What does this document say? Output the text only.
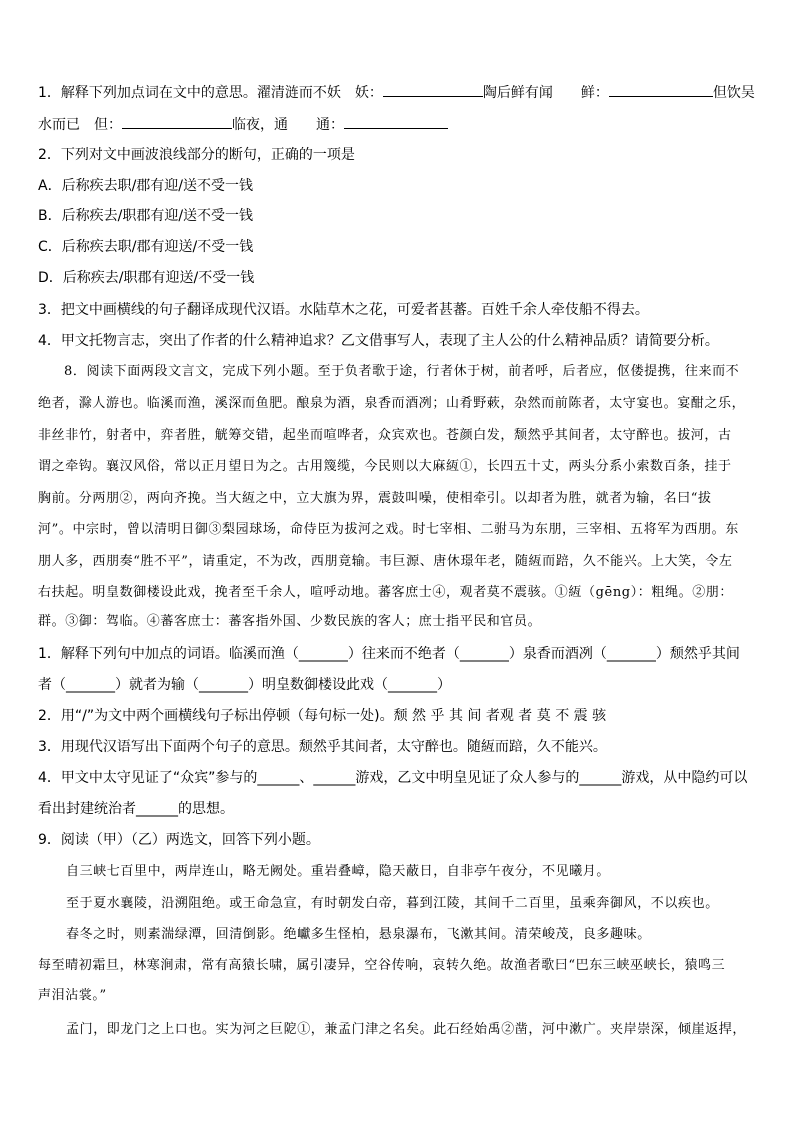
1．解释下列加点词在文中的意思。濯清涟而不妖　妖：	陶后鲜有闻　　鲜：	但饮吴
水而已　但：	临夜，通　　通：
2．下列对文中画波浪线部分的断句，正确的一项是
A．后称疾去职/郡有迎/送不受一钱
B．后称疾去/职郡有迎/送不受一钱
C．后称疾去职/郡有迎送/不受一钱
D．后称疾去/职郡有迎送/不受一钱
3．把文中画横线的句子翻译成现代汉语。水陆草木之花，可爱者甚蕃。百姓千余人牵伎船不得去。
4．甲文托物言志，突出了作者的什么精神追求？乙文借事写人，表现了主人公的什么精神品质？请简要分析。
8．阅读下面两段文言文，完成下列小题。至于负者歌于途，行者休于树，前者呼，后者应，伛偻提携，往来而不
绝者，滁人游也。临溪而渔，溪深而鱼肥。酿泉为酒，泉香而酒冽；山肴野蔌，杂然而前陈者，太守宴也。宴酣之乐，
非丝非竹，射者中，弈者胜，觥筹交错，起坐而喧哗者，众宾欢也。苍颜白发，颓然乎其间者，太守醉也。拔河，古
谓之牵钩。襄汉风俗，常以正月望日为之。古用篾缆，今民则以大麻絚①，长四五十丈，两头分系小索数百条，挂于
胸前。分两朋②，两向齐挽。当大絚之中，立大旗为界，震鼓叫噪，使相牵引。以却者为胜，就者为输，名曰“拔
河”。中宗时，曾以清明日御③梨园球场，命侍臣为拔河之戏。时七宰相、二驸马为东朋，三宰相、五将军为西朋。东
朋人多，西朋奏“胜不平”，请重定，不为改，西朋竟输。韦巨源、唐休璟年老，随絚而踣，久不能兴。上大笑，令左
右扶起。明皇数御楼设此戏，挽者至千余人，喧呼动地。蕃客庶士④，观者莫不震骇。①絚（gēng）：粗绳。②朋：
群。③御：驾临。④蕃客庶士：蕃客指外国、少数民族的客人；庶士指平民和官员。
1．解释下列句中加点的词语。临溪而渔（_______）往来而不绝者（_______）泉香而酒冽（_______）颓然乎其间
者（_______）就者为输（_______）明皇数御楼设此戏（_______）
2．用“/”为文中两个画横线句子标出停顿（每句标一处)。颓 然 乎 其 间 者观 者 莫 不 震 骇
3．用现代汉语写出下面两个句子的意思。颓然乎其间者，太守醉也。随絚而踣，久不能兴。
4．甲文中太守见证了“众宾”参与的______、______游戏，乙文中明皇见证了众人参与的______游戏，从中隐约可以
看出封建统治者______的思想。
9．阅读（甲）（乙）两选文，回答下列小题。
自三峡七百里中，两岸连山，略无阙处。重岩叠嶂，隐天蔽日，自非亭午夜分，不见曦月。
至于夏水襄陵，沿溯阻绝。或王命急宣，有时朝发白帝，暮到江陵，其间千二百里，虽乘奔御风，不以疾也。
春冬之时，则素湍绿潭，回清倒影。绝巘多生怪柏，悬泉瀑布，飞漱其间。清荣峻茂，良多趣味。
每至晴初霜旦，林寒涧肃，常有高猿长啸，属引凄异，空谷传响，哀转久绝。故渔者歌曰“巴东三峡巫峡长，猿鸣三
声泪沾裳。”
孟门，即龙门之上口也。实为河之巨阸①，兼孟门津之名矣。此石经始禹②凿，河中漱广。夹岸崇深，倾崖返捍，
